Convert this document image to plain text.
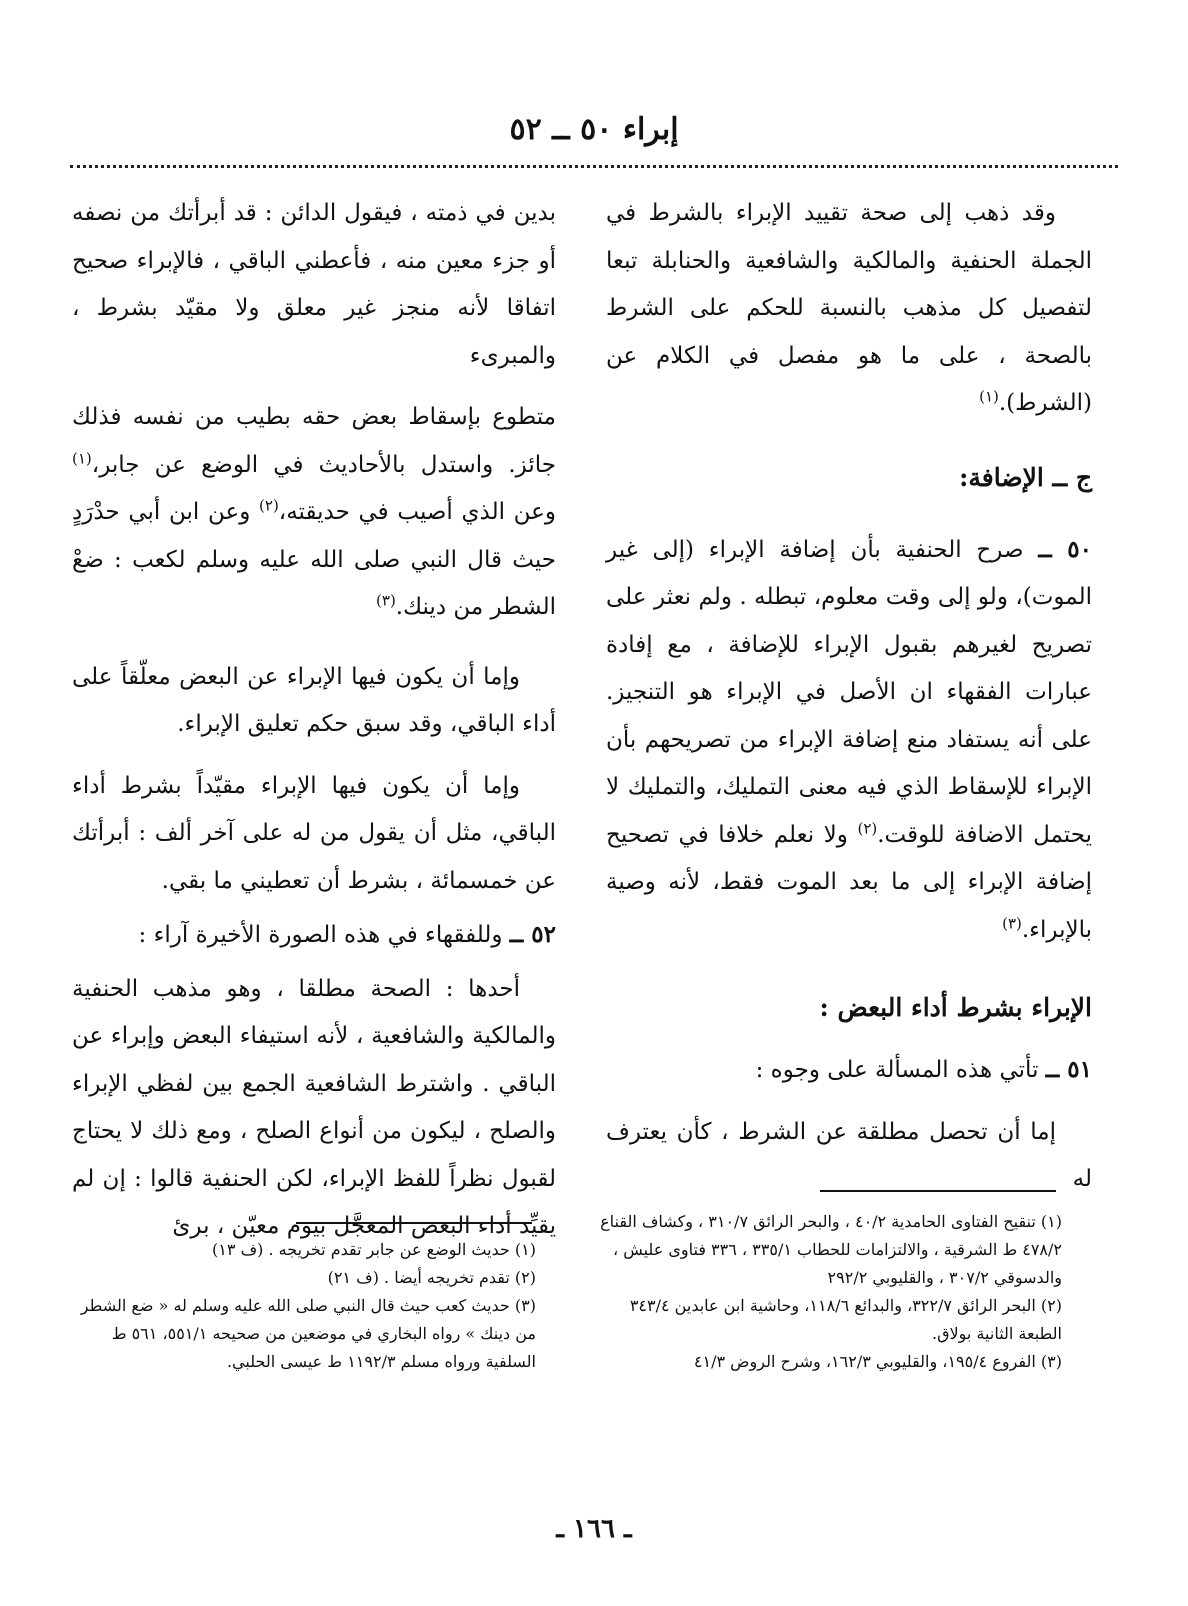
إبراء ٥٠ ــ ٥٢

وقد ذهب إلى صحة تقييد الإبراء بالشرط في الجملة الحنفية والمالكية والشافعية والحنابلة تبعا لتفصيل كل مذهب بالنسبة للحكم على الشرط بالصحة ، على ما هو مفصل في الكلام عن (الشرط).$^{(١)}$

ج ــ الإضافة:

٥٠ ــ صرح الحنفية بأن إضافة الإبراء (إلى غير الموت)، ولو إلى وقت معلوم، تبطله . ولم نعثر على تصريح لغيرهم بقبول الإبراء للإضافة ، مع إفادة عبارات الفقهاء ان الأصل في الإبراء هو التنجيز. على أنه يستفاد منع إضافة الإبراء من تصريحهم بأن الإبراء للإسقاط الذي فيه معنى التمليك، والتمليك لا يحتمل الاضافة للوقت.$^{(٢)}$ ولا نعلم خلافا في تصحيح إضافة الإبراء إلى ما بعد الموت فقط، لأنه وصية بالإبراء.$^{(٣)}$

الإبراء بشرط أداء البعض :

٥١ ــ تأتي هذه المسألة على وجوه :

إما أن تحصل مطلقة عن الشرط ، كأن يعترف له

بدين في ذمته ، فيقول الدائن : قد أبرأتك من نصفه أو جزء معين منه ، فأعطني الباقي ، فالإبراء صحيح اتفاقا لأنه منجز غير معلق ولا مقيّد بشرط ، والمبرىء

متطوع بإسقاط بعض حقه بطيب من نفسه فذلك جائز. واستدل بالأحاديث في الوضع عن جابر،$^{(١)}$ وعن الذي أصيب في حديقته،$^{(٢)}$ وعن ابن أبي حدْرَدٍ حيث قال النبي صلى الله عليه وسلم لكعب : ضعْ الشطر من دينك.$^{(٣)}$

وإما أن يكون فيها الإبراء عن البعض معلّقاً على أداء الباقي، وقد سبق حكم تعليق الإبراء.

وإما أن يكون فيها الإبراء مقيّداً بشرط أداء الباقي، مثل أن يقول من له على آخر ألف : أبرأتك عن خمسمائة ، بشرط أن تعطيني ما بقي.

٥٢ ــ وللفقهاء في هذه الصورة الأخيرة آراء :

أحدها : الصحة مطلقا ، وهو مذهب الحنفية والمالكية والشافعية ، لأنه استيفاء البعض وإبراء عن الباقي . واشترط الشافعية الجمع بين لفظي الإبراء والصلح ، ليكون من أنواع الصلح ، ومع ذلك لا يحتاج لقبول نظراً للفظ الإبراء، لكن الحنفية قالوا : إن لم يقيِّد أداء البعض المعجَّل بيوم معيّن ، برئ	(١) تنقيح الفتاوى الحامدية ٤٠/٢ ، والبحر الرائق ٣١٠/٧ ، وكشاف القناع ٤٧٨/٢ ط الشرقية ، والالتزامات للحطاب ٣٣٥/١ ، ٣٣٦ فتاوى عليش ، والدسوقي ٣٠٧/٢ ، والقليوبي ٢٩٢/٢

(٢) البحر الرائق ٣٢٢/٧، والبدائع ١١٨/٦، وحاشية ابن عابدين ٣٤٣/٤ الطبعة الثانية بولاق.

(٣) الفروع ١٩٥/٤، والقليوبي ١٦٢/٣، وشرح الروض ٤١/٣

(١) حديث الوضع عن جابر تقدم تخريجه . (ف ١٣)

(٢) تقدم تخريجه أيضا . (ف ٢١)

(٣) حديث كعب حيث قال النبي صلى الله عليه وسلم له « ضع الشطر من دينك » رواه البخاري في موضعين من صحيحه ٥٥١/١، ٥٦١ ط السلفية ورواه مسلم ١١٩٢/٣ ط عيسى الحلبي.

ـ ١٦٦ ـ
